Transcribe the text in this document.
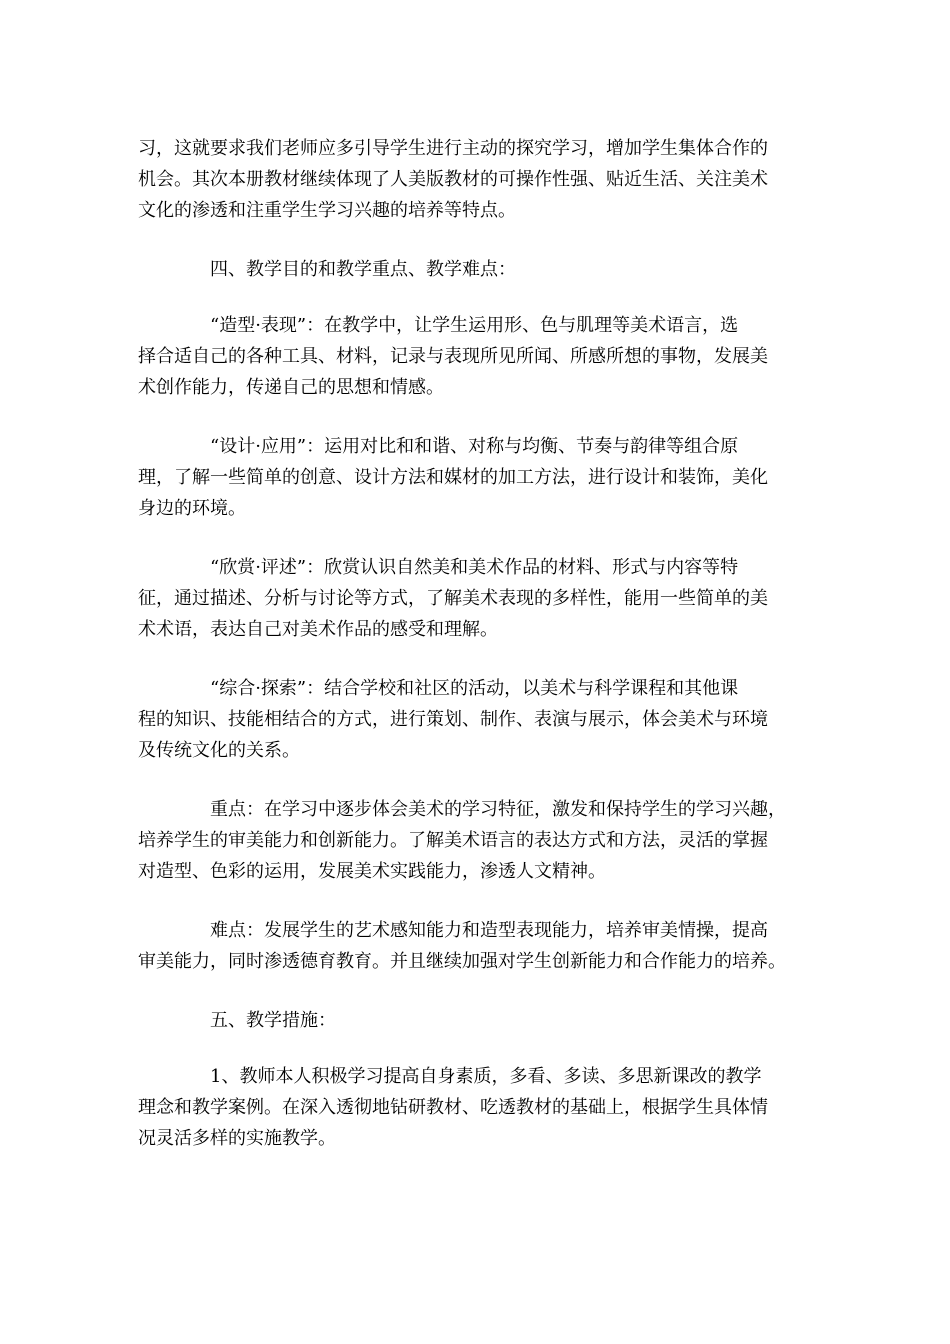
习，这就要求我们老师应多引导学生进行主动的探究学习，增加学生集体合作的
机会。其次本册教材继续体现了人美版教材的可操作性强、贴近生活、关注美术
文化的渗透和注重学生学习兴趣的培养等特点。
四、教学目的和教学重点、教学难点：
“造型·表现”：在教学中，让学生运用形、色与肌理等美术语言，选
择合适自己的各种工具、材料，记录与表现所见所闻、所感所想的事物，发展美
术创作能力，传递自己的思想和情感。
“设计·应用”：运用对比和和谐、对称与均衡、节奏与韵律等组合原
理，了解一些简单的创意、设计方法和媒材的加工方法，进行设计和装饰，美化
身边的环境。
“欣赏·评述”：欣赏认识自然美和美术作品的材料、形式与内容等特
征，通过描述、分析与讨论等方式，了解美术表现的多样性，能用一些简单的美
术术语，表达自己对美术作品的感受和理解。
“综合·探索”：结合学校和社区的活动，以美术与科学课程和其他课
程的知识、技能相结合的方式，进行策划、制作、表演与展示，体会美术与环境
及传统文化的关系。
重点：在学习中逐步体会美术的学习特征，激发和保持学生的学习兴趣，
培养学生的审美能力和创新能力。了解美术语言的表达方式和方法，灵活的掌握
对造型、色彩的运用，发展美术实践能力，渗透人文精神。
难点：发展学生的艺术感知能力和造型表现能力，培养审美情操，提高
审美能力，同时渗透德育教育。并且继续加强对学生创新能力和合作能力的培养。
五、教学措施：
1、教师本人积极学习提高自身素质，多看、多读、多思新课改的教学
理念和教学案例。在深入透彻地钻研教材、吃透教材的基础上，根据学生具体情
况灵活多样的实施教学。
